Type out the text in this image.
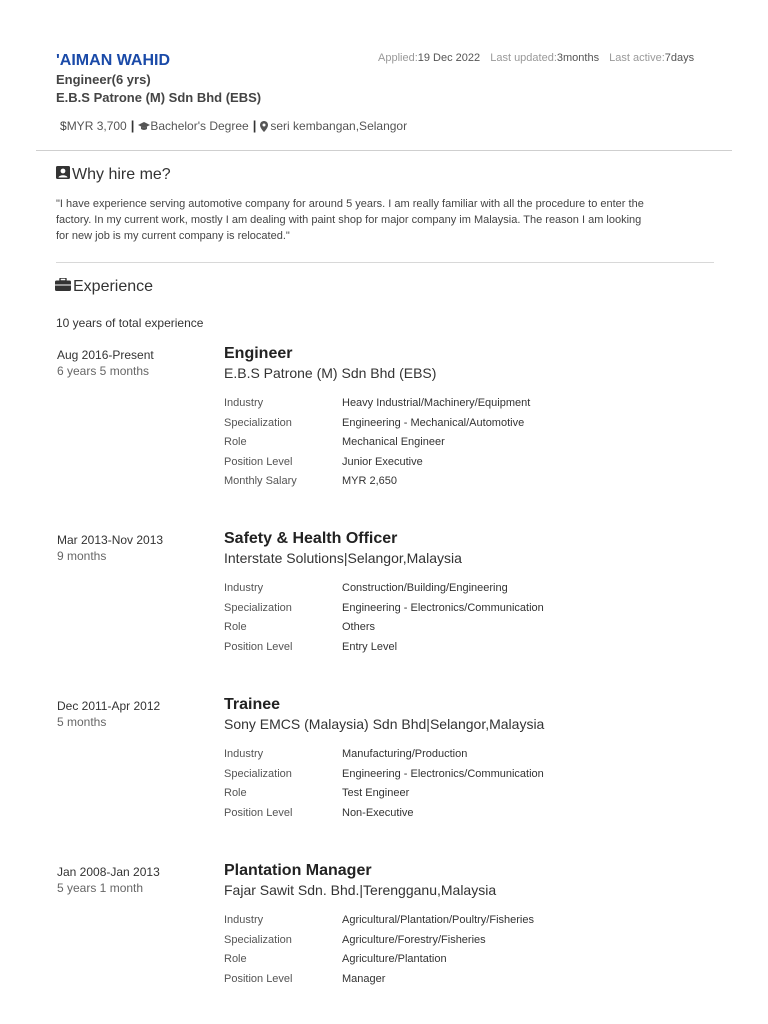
'AIMAN WAHID
Engineer(6 yrs)
E.B.S Patrone (M) Sdn Bhd (EBS)
Applied:19 Dec 2022 Last updated:3months Last active:7days
$ MYR 3,700 | Bachelor's Degree | seri kembangan,Selangor
Why hire me?
"I have experience serving automotive company for around 5 years. I am really familiar with all the procedure to enter the factory. In my current work, mostly I am dealing with paint shop for major company im Malaysia. The reason I am looking for new job is my current company is relocated."
Experience
10 years of total experience
Aug 2016-Present
6 years 5 months
Engineer
E.B.S Patrone (M) Sdn Bhd (EBS)
Industry	Heavy Industrial/Machinery/Equipment
Specialization	Engineering - Mechanical/Automotive
Role	Mechanical Engineer
Position Level	Junior Executive
Monthly Salary	MYR 2,650
Mar 2013-Nov 2013
9 months
Safety & Health Officer
Interstate Solutions|Selangor,Malaysia
Industry	Construction/Building/Engineering
Specialization	Engineering - Electronics/Communication
Role	Others
Position Level	Entry Level
Dec 2011-Apr 2012
5 months
Trainee
Sony EMCS (Malaysia) Sdn Bhd|Selangor,Malaysia
Industry	Manufacturing/Production
Specialization	Engineering - Electronics/Communication
Role	Test Engineer
Position Level	Non-Executive
Jan 2008-Jan 2013
5 years 1 month
Plantation Manager
Fajar Sawit Sdn. Bhd.|Terengganu,Malaysia
Industry	Agricultural/Plantation/Poultry/Fisheries
Specialization	Agriculture/Forestry/Fisheries
Role	Agriculture/Plantation
Position Level	Manager
